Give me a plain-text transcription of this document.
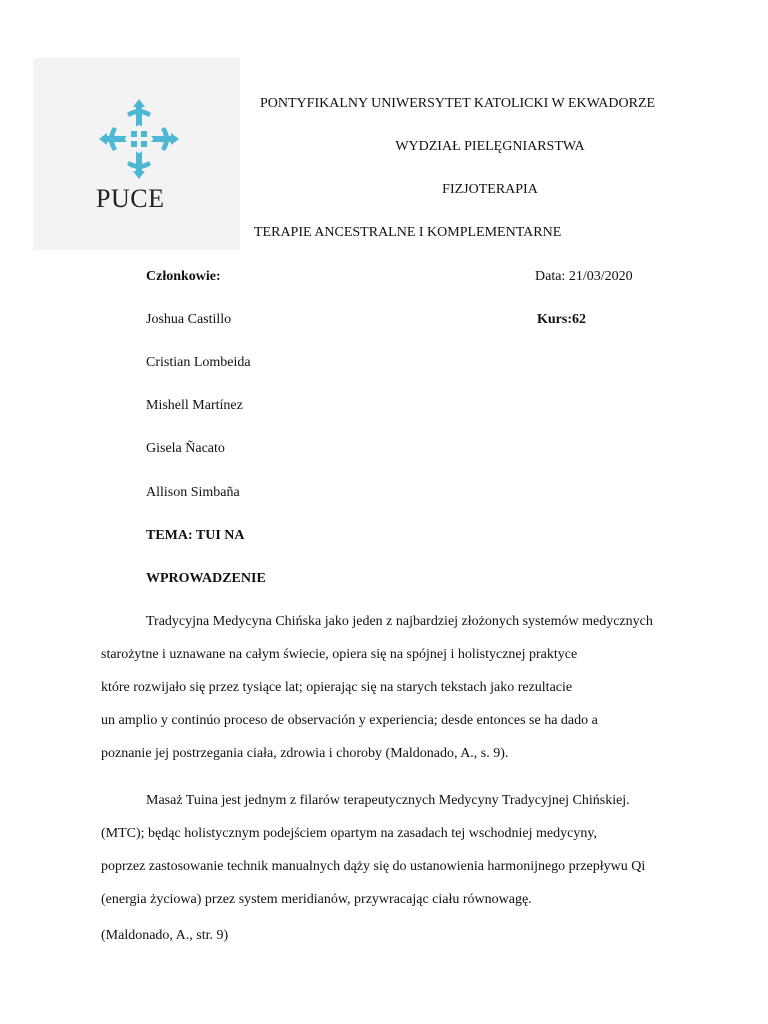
PUCE
PONTYFIKALNY UNIWERSYTET KATOLICKI W EKWADORZE
WYDZIAŁ PIELĘGNIARSTWA
FIZJOTERAPIA
TERAPIE ANCESTRALNE I KOMPLEMENTARNE
Członkowie:	Data: 21/03/2020
Kurs:62
Joshua Castillo
Cristian Lombeida
Mishell Martínez
Gisela Ñacato
Allison Simbaña
TEMA: TUI NA
WPROWADZENIE
Tradycyjna Medycyna Chińska jako jeden z najbardziej złożonych systemów medycznych
starożytne i uznawane na całym świecie, opiera się na spójnej i holistycznej praktyce
które rozwijało się przez tysiące lat; opierając się na starych tekstach jako rezultacie
un amplio y continúo proceso de observación y experiencia; desde entonces se ha dado a
poznanie jej postrzegania ciała, zdrowia i choroby (Maldonado, A., s. 9).
Masaż Tuina jest jednym z filarów terapeutycznych Medycyny Tradycyjnej Chińskiej.
(MTC); będąc holistycznym podejściem opartym na zasadach tej wschodniej medycyny,
poprzez zastosowanie technik manualnych dąży się do ustanowienia harmonijnego przepływu Qi
(energia życiowa) przez system meridianów, przywracając ciału równowagę.
(Maldonado, A., str. 9)
